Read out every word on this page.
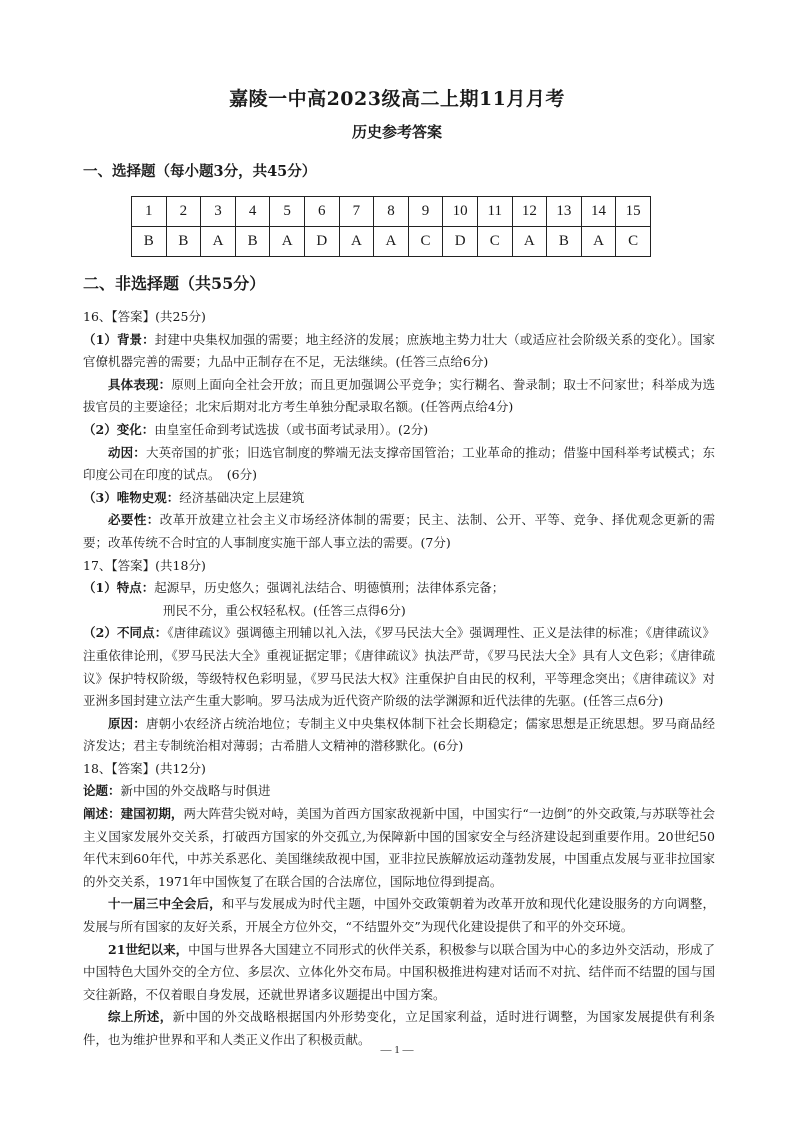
嘉陵一中高2023级高二上期11月月考
历史参考答案
一、选择题（每小题3分，共45分）
1	2	3	4	5	6	7	8	9	10	11	12	13	14	15
B	B	A	B	A	D	A	A	C	D	C	A	B	A	C
二、非选择题（共55分）

16、【答案】(共25分)

（1）背景：封建中央集权加强的需要；地主经济的发展；庶族地主势力壮大（或适应社会阶级关系的变化）。国家官僚机器完善的需要；九品中正制存在不足，无法继续。(任答三点给6分)

具体表现：原则上面向全社会开放；而且更加强调公平竞争；实行糊名、誊录制；取士不问家世；科举成为选拔官员的主要途径；北宋后期对北方考生单独分配录取名额。(任答两点给4分)

（2）变化：由皇室任命到考试选拔（或书面考试录用）。(2分)

动因：大英帝国的扩张；旧选官制度的弊端无法支撑帝国管治；工业革命的推动；借鉴中国科举考试模式；东印度公司在印度的试点。　(6分)

（3）唯物史观：经济基础决定上层建筑

必要性：改革开放建立社会主义市场经济体制的需要；民主、法制、公开、平等、竞争、择优观念更新的需要；改革传统不合时宜的人事制度实施干部人事立法的需要。(7分)

17、【答案】(共18分)

（1）特点：起源早，历史悠久；强调礼法结合、明德慎刑；法律体系完备；

刑民不分，重公权轻私权。(任答三点得6分)

（2）不同点：《唐律疏议》强调德主刑辅以礼入法，《罗马民法大全》强调理性、正义是法律的标准；《唐律疏议》注重依律论刑，《罗马民法大全》重视证据定罪；《唐律疏议》执法严苛，《罗马民法大全》具有人文色彩；《唐律疏议》保护特权阶级，等级特权色彩明显，《罗马民法大权》注重保护自由民的权利，平等理念突出；《唐律疏议》对亚洲多国封建立法产生重大影响。罗马法成为近代资产阶级的法学渊源和近代法律的先驱。(任答三点6分)

原因：唐朝小农经济占统治地位；专制主义中央集权体制下社会长期稳定；儒家思想是正统思想。罗马商品经济发达；君主专制统治相对薄弱；古希腊人文精神的潜移默化。(6分)

18、【答案】(共12分)

论题：新中国的外交战略与时俱进

阐述：建国初期，两大阵营尖锐对峙，美国为首西方国家敌视新中国，中国实行“一边倒”的外交政策,与苏联等社会主义国家发展外交关系，打破西方国家的外交孤立,为保障新中国的国家安全与经济建设起到重要作用。20世纪50年代末到60年代，中苏关系恶化、美国继续敌视中国，亚非拉民族解放运动蓬勃发展，中国重点发展与亚非拉国家的外交关系，1971年中国恢复了在联合国的合法席位，国际地位得到提高。

十一届三中全会后，和平与发展成为时代主题，中国外交政策朝着为改革开放和现代化建设服务的方向调整，发展与所有国家的友好关系，开展全方位外交，“不结盟外交”为现代化建设提供了和平的外交环境。

21世纪以来，中国与世界各大国建立不同形式的伙伴关系，积极参与以联合国为中心的多边外交活动，形成了中国特色大国外交的全方位、多层次、立体化外交布局。中国积极推进构建对话而不对抗、结伴而不结盟的国与国交往新路，不仅着眼自身发展，还就世界诸多议题提出中国方案。

综上所述，新中国的外交战略根据国内外形势变化，立足国家利益，适时进行调整，为国家发展提供有利条件，也为维护世界和平和人类正义作出了积极贡献。

— 1 —
